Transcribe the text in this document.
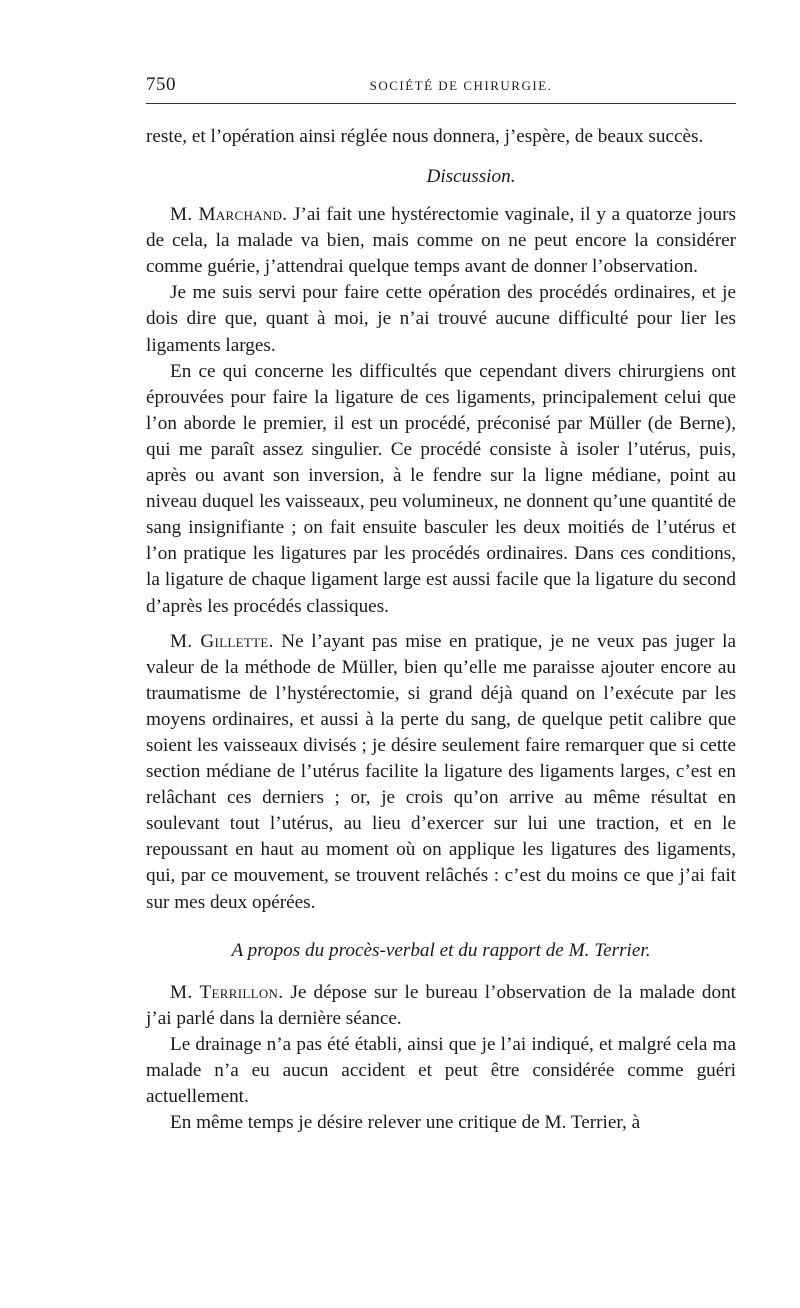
750	SOCIÉTÉ DE CHIRURGIE.

reste, et l’opération ainsi réglée nous donnera, j’espère, de beaux succès.

Discussion.

M. Marchand. J’ai fait une hystérectomie vaginale, il y a quatorze jours de cela, la malade va bien, mais comme on ne peut encore la considérer comme guérie, j’attendrai quelque temps avant de donner l’observation.

Je me suis servi pour faire cette opération des procédés ordinaires, et je dois dire que, quant à moi, je n’ai trouvé aucune difficulté pour lier les ligaments larges.

En ce qui concerne les difficultés que cependant divers chirurgiens ont éprouvées pour faire la ligature de ces ligaments, principalement celui que l’on aborde le premier, il est un procédé, préconisé par Müller (de Berne), qui me paraît assez singulier. Ce procédé consiste à isoler l’utérus, puis, après ou avant son inversion, à le fendre sur la ligne médiane, point au niveau duquel les vaisseaux, peu volumineux, ne donnent qu’une quantité de sang insignifiante ; on fait ensuite basculer les deux moitiés de l’utérus et l’on pratique les ligatures par les procédés ordinaires. Dans ces conditions, la ligature de chaque ligament large est aussi facile que la ligature du second d’après les procédés classiques.

M. Gillette. Ne l’ayant pas mise en pratique, je ne veux pas juger la valeur de la méthode de Müller, bien qu’elle me paraisse ajouter encore au traumatisme de l’hystérectomie, si grand déjà quand on l’exécute par les moyens ordinaires, et aussi à la perte du sang, de quelque petit calibre que soient les vaisseaux divisés ; je désire seulement faire remarquer que si cette section médiane de l’utérus facilite la ligature des ligaments larges, c’est en relâchant ces derniers ; or, je crois qu’on arrive au même résultat en soulevant tout l’utérus, au lieu d’exercer sur lui une traction, et en le repoussant en haut au moment où on applique les ligatures des ligaments, qui, par ce mouvement, se trouvent relâchés : c’est du moins ce que j’ai fait sur mes deux opérées.

A propos du procès-verbal et du rapport de M. Terrier.

M. Terrillon. Je dépose sur le bureau l’observation de la malade dont j’ai parlé dans la dernière séance.

Le drainage n’a pas été établi, ainsi que je l’ai indiqué, et malgré cela ma malade n’a eu aucun accident et peut être considérée comme guéri actuellement.

En même temps je désire relever une critique de M. Terrier, à
